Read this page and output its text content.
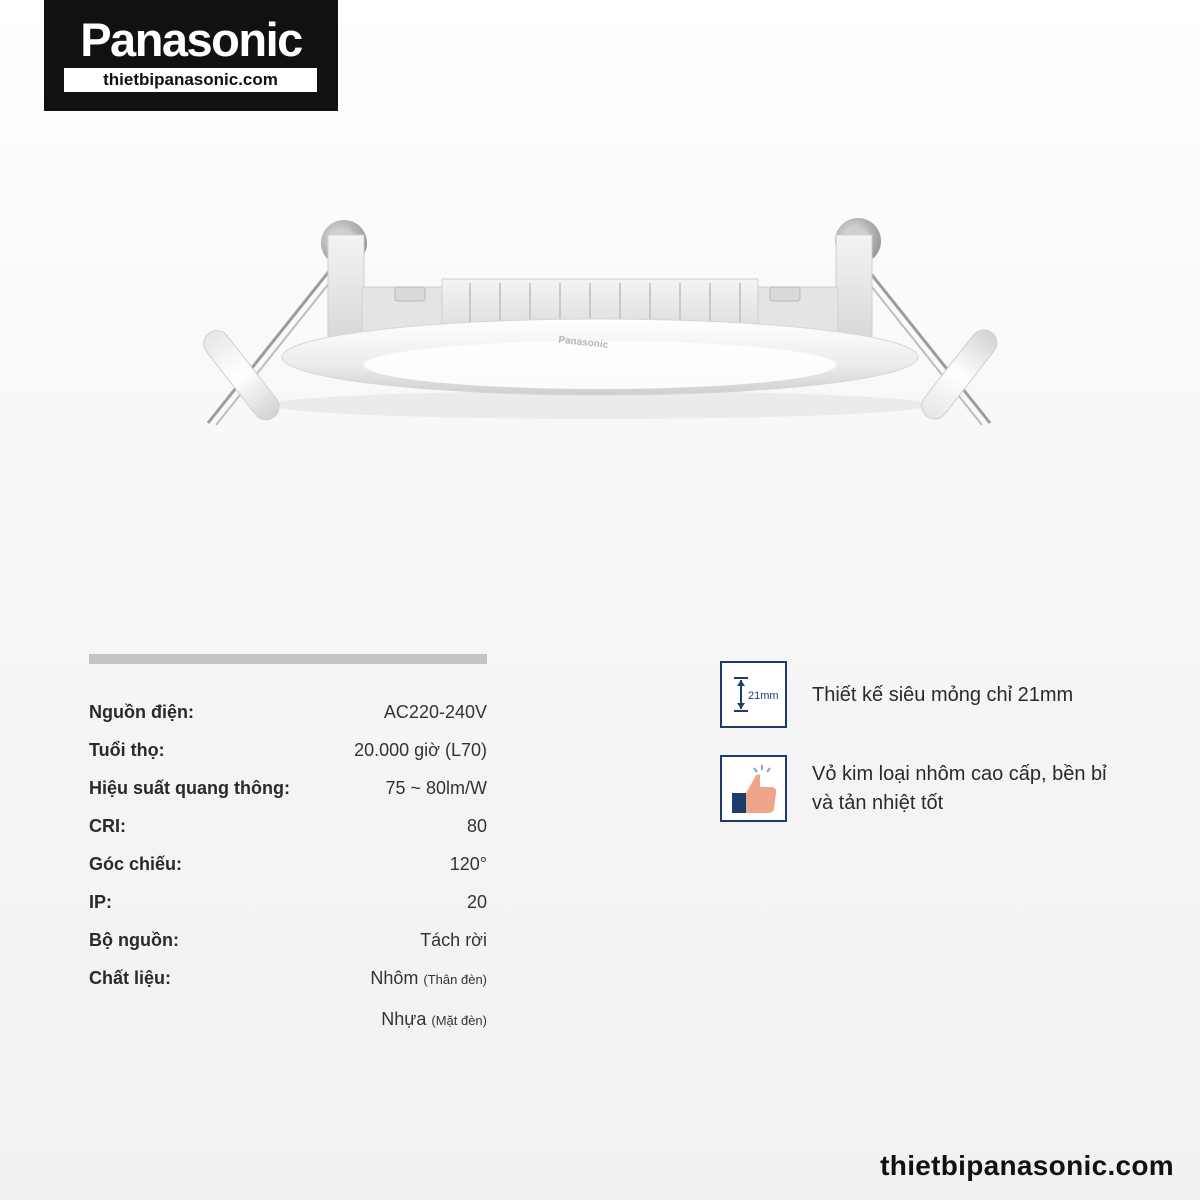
Panasonic
thietbipanasonic.com
Panasonic
Nguồn điện:	AC220-240V
Tuổi thọ:	20.000 giờ (L70)
Hiệu suất quang thông:	75 ~ 80lm/W
CRI:	80
Góc chiếu:	120°
IP:	20
Bộ nguồn:	Tách rời
Chất liệu:	Nhôm (Thân đèn)
Nhựa (Mặt đèn)
21mm Thiết kế siêu mỏng chỉ 21mm
Vỏ kim loại nhôm cao cấp, bền bỉ
và tản nhiệt tốt
thietbipanasonic.com
